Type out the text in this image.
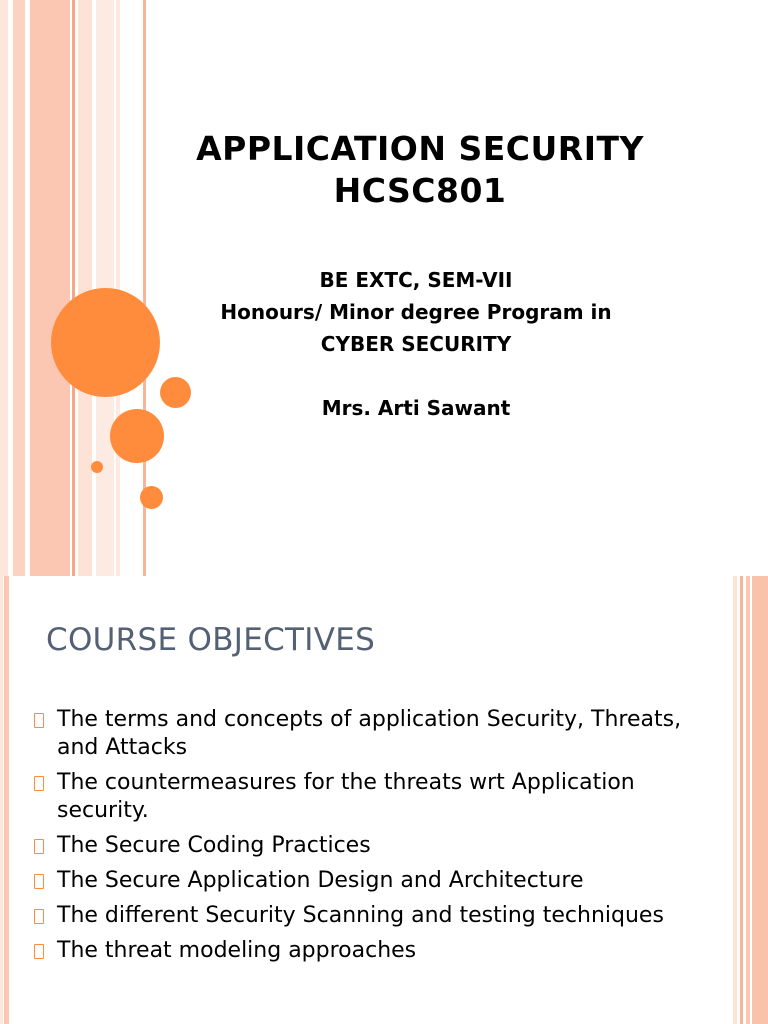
APPLICATION SECURITY
HCSC801
BE EXTC, SEM-VII
Honours/ Minor degree Program in
CYBER SECURITY
Mrs. Arti Sawant
COURSE OBJECTIVES
The terms and concepts of application Security, Threats, and Attacks
The countermeasures for the threats wrt Application security.
The Secure Coding Practices
The Secure Application Design and Architecture
The different Security Scanning and testing techniques
The threat modeling approaches
